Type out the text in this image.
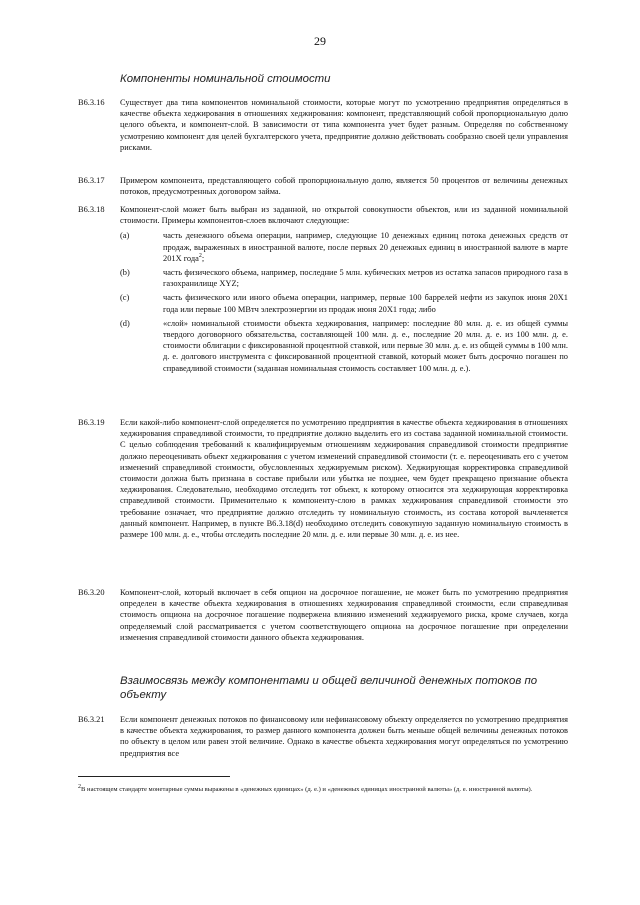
29
Компоненты номинальной стоимости
B6.3.16	Существует два типа компонентов номинальной стоимости, которые могут по усмотрению предприятия определяться в качестве объекта хеджирования в отношениях хеджирования: компонент, представляющий собой пропорциональную долю целого объекта, и компонент-слой. В зависимости от типа компонента учет будет разным. Определяя по собственному усмотрению компонент для целей бухгалтерского учета, предприятие должно действовать сообразно своей цели управления рисками.
B6.3.17	Примером компонента, представляющего собой пропорциональную долю, является 50 процентов от величины денежных потоков, предусмотренных договором займа.
B6.3.18	Компонент-слой может быть выбран из заданной, но открытой совокупности объектов, или из заданной номинальной стоимости. Примеры компонентов-слоев включают следующие:
(a)	часть денежного объема операции, например, следующие 10 денежных единиц потока денежных средств от продаж, выраженных в иностранной валюте, после первых 20 денежных единиц в иностранной валюте в марте 201X года$^2$;
(b)	часть физического объема, например, последние 5 млн. кубических метров из остатка запасов природного газа в газохранилище XYZ;
(c)	часть физического или иного объема операции, например, первые 100 баррелей нефти из закупок июня 20X1 года или первые 100 МВтч электроэнергии из продаж июня 20X1 года; либо
(d)	«слой» номинальной стоимости объекта хеджирования, например: последние 80 млн. д. е. из общей суммы твердого договорного обязательства, составляющей 100 млн. д. е., последние 20 млн. д. е. из 100 млн. д. е. стоимости облигации с фиксированной процентной ставкой, или первые 30 млн. д. е. из общей суммы в 100 млн. д. е. долгового инструмента с фиксированной процентной ставкой, который может быть досрочно погашен по справедливой стоимости (заданная номинальная стоимость составляет 100 млн. д. е.).
B6.3.19	Если какой-либо компонент-слой определяется по усмотрению предприятия в качестве объекта хеджирования в отношениях хеджирования справедливой стоимости, то предприятие должно выделить его из состава заданной номинальной стоимости. С целью соблюдения требований к квалифицируемым отношениям хеджирования справедливой стоимости предприятие должно переоценивать объект хеджирования с учетом изменений справедливой стоимости (т. е. переоценивать его с учетом изменений справедливой стоимости, обусловленных хеджируемым риском). Хеджирующая корректировка справедливой стоимости должна быть признана в составе прибыли или убытка не позднее, чем будет прекращено признание объекта хеджирования. Следовательно, необходимо отследить тот объект, к которому относится эта хеджирующая корректировка справедливой стоимости. Применительно к компоненту-слою в рамках хеджирования справедливой стоимости это требование означает, что предприятие должно отследить ту номинальную стоимость, из состава которой вычленяется данный компонент. Например, в пункте B6.3.18(d) необходимо отследить совокупную заданную номинальную стоимость в размере 100 млн. д. е., чтобы отследить последние 20 млн. д. е. или первые 30 млн. д. е. из нее.
B6.3.20	Компонент-слой, который включает в себя опцион на досрочное погашение, не может быть по усмотрению предприятия определен в качестве объекта хеджирования в отношениях хеджирования справедливой стоимости, если справедливая стоимость опциона на досрочное погашение подвержена влиянию изменений хеджируемого риска, кроме случаев, когда определяемый слой рассматривается с учетом соответствующего опциона на досрочное погашение при определении изменения справедливой стоимости данного объекта хеджирования.
Взаимосвязь между компонентами и общей величиной денежных потоков по объекту
B6.3.21	Если компонент денежных потоков по финансовому или нефинансовому объекту определяется по усмотрению предприятия в качестве объекта хеджирования, то размер данного компонента должен быть меньше общей величины денежных потоков по объекту в целом или равен этой величине. Однако в качестве объекта хеджирования могут определяться по усмотрению предприятия все
$^2$В настоящем стандарте монетарные суммы выражены в «денежных единицах» (д. е.) и «денежных единицах иностранной валюты» (д. е. иностранной валюты).
